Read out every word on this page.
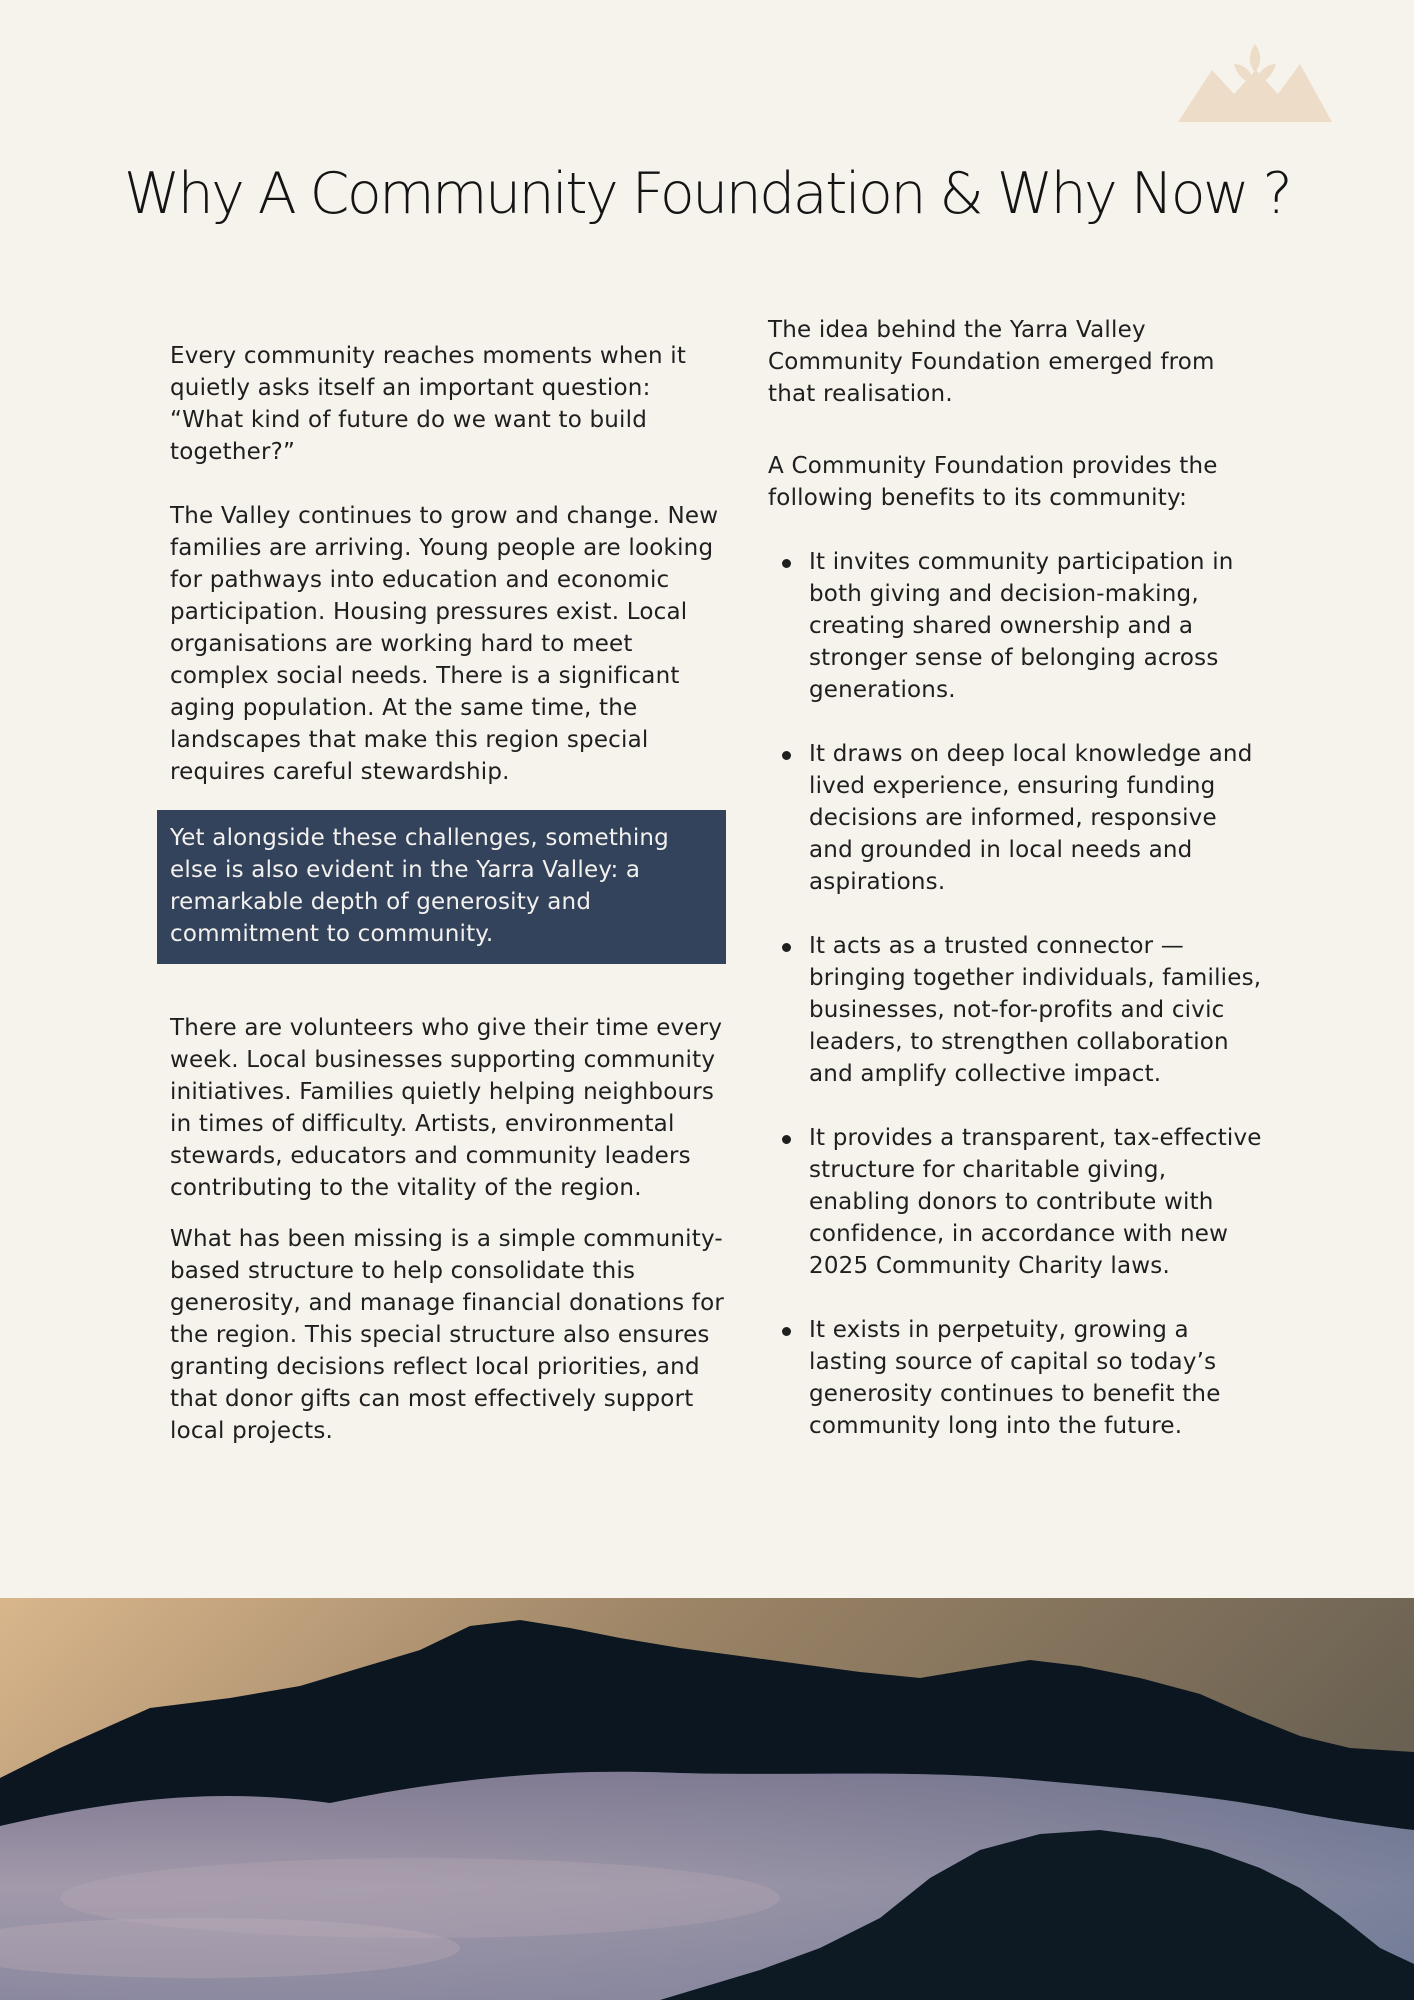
Why A Community Foundation & Why Now ?

Every community reaches moments when it quietly asks itself an important question: “What kind of future do we want to build together?”

The Valley continues to grow and change. New families are arriving. Young people are looking for pathways into education and economic participation. Housing pressures exist. Local organisations are working hard to meet complex social needs. There is a significant aging population. At the same time, the landscapes that make this region special requires careful stewardship.

Yet alongside these challenges, something else is also evident in the Yarra Valley: a remarkable depth of generosity and commitment to community.

There are volunteers who give their time every week. Local businesses supporting community initiatives. Families quietly helping neighbours in times of difficulty. Artists, environmental stewards, educators and community leaders contributing to the vitality of the region.

What has been missing is a simple community-based structure to help consolidate this generosity, and manage financial donations for the region. This special structure also ensures granting decisions reflect local priorities, and that donor gifts can most effectively support local projects.

The idea behind the Yarra Valley Community Foundation emerged from that realisation.

A Community Foundation provides the following benefits to its community:

It invites community participation in both giving and decision-making, creating shared ownership and a stronger sense of belonging across generations.
It draws on deep local knowledge and lived experience, ensuring funding decisions are informed, responsive and grounded in local needs and aspirations.
It acts as a trusted connector — bringing together individuals, families, businesses, not-for-profits and civic leaders, to strengthen collaboration and amplify collective impact.
It provides a transparent, tax-effective structure for charitable giving, enabling donors to contribute with confidence, in accordance with new 2025 Community Charity laws.
It exists in perpetuity, growing a lasting source of capital so today’s generosity continues to benefit the community long into the future.
